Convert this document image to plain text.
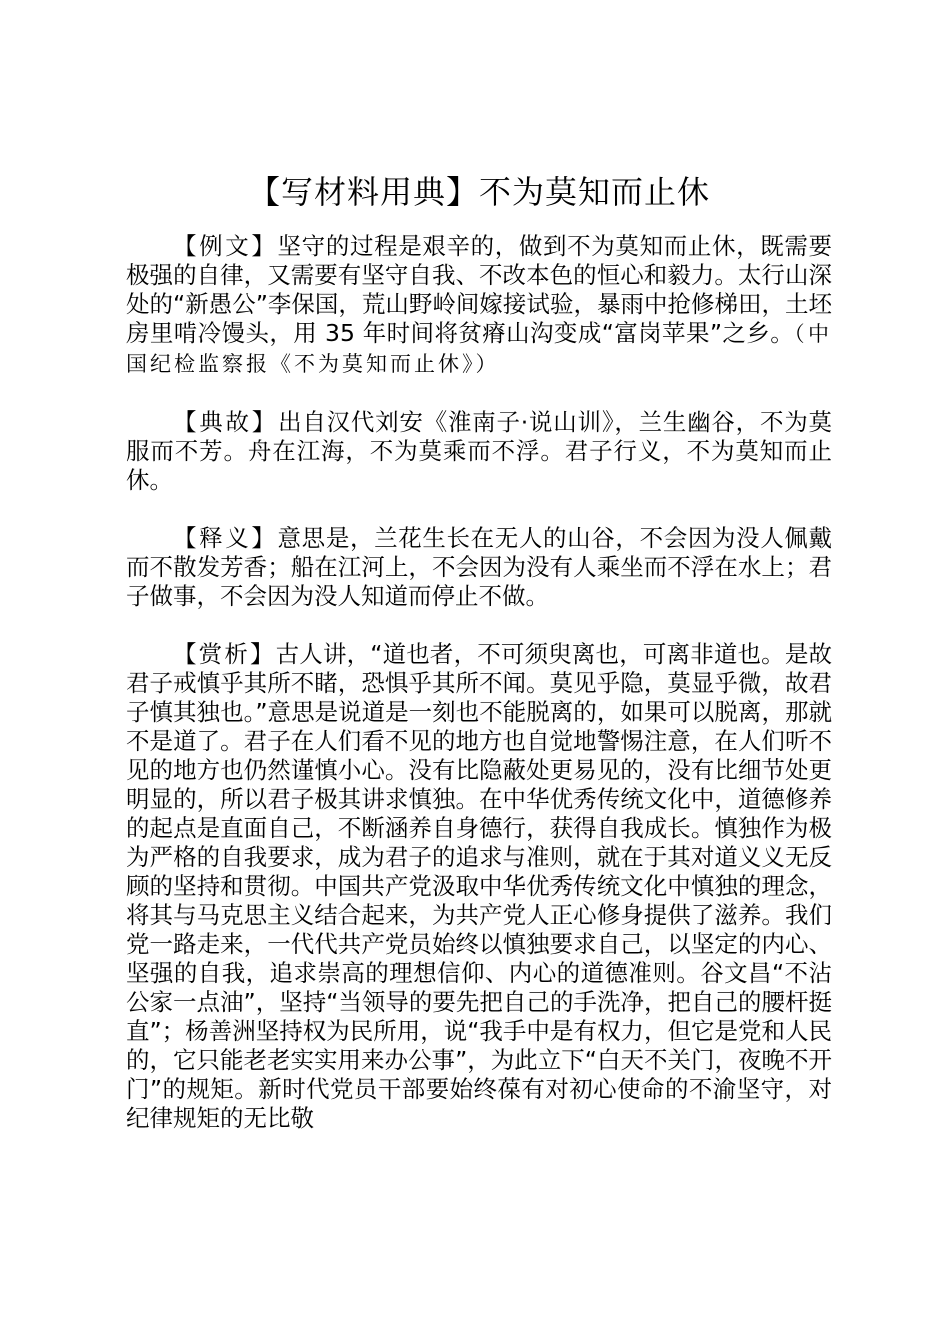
【写材料用典】不为莫知而止休

【例文】坚守的过程是艰辛的，做到不为莫知而止休，既需要极强的自律，又需要有坚守自我、不改本色的恒心和毅力。太行山深处的“新愚公”李保国，荒山野岭间嫁接试验，暴雨中抢修梯田，土坯房里啃冷馒头，用 35 年时间将贫瘠山沟变成“富岗苹果”之乡。（中国纪检监察报《不为莫知而止休》）

【典故】出自汉代刘安《淮南子·说山训》，兰生幽谷，不为莫服而不芳。舟在江海，不为莫乘而不浮。君子行义，不为莫知而止休。

【释义】意思是，兰花生长在无人的山谷，不会因为没人佩戴而不散发芳香；船在江河上，不会因为没有人乘坐而不浮在水上；君子做事，不会因为没人知道而停止不做。

【赏析】古人讲，“道也者，不可须臾离也，可离非道也。是故君子戒慎乎其所不睹，恐惧乎其所不闻。莫见乎隐，莫显乎微，故君子慎其独也。”意思是说道是一刻也不能脱离的，如果可以脱离，那就不是道了。君子在人们看不见的地方也自觉地警惕注意，在人们听不见的地方也仍然谨慎小心。没有比隐蔽处更易见的，没有比细节处更明显的，所以君子极其讲求慎独。在中华优秀传统文化中，道德修养的起点是直面自己，不断涵养自身德行，获得自我成长。慎独作为极为严格的自我要求，成为君子的追求与准则，就在于其对道义义无反顾的坚持和贯彻。中国共产党汲取中华优秀传统文化中慎独的理念，将其与马克思主义结合起来，为共产党人正心修身提供了滋养。我们党一路走来，一代代共产党员始终以慎独要求自己，以坚定的内心、坚强的自我，追求崇高的理想信仰、内心的道德准则。谷文昌“不沾公家一点油”，坚持“当领导的要先把自己的手洗净，把自己的腰杆挺直”；杨善洲坚持权为民所用，说“我手中是有权力，但它是党和人民的，它只能老老实实用来办公事”，为此立下“白天不关门，夜晚不开门”的规矩。新时代党员干部要始终葆有对初心使命的不渝坚守，对纪律规矩的无比敬
